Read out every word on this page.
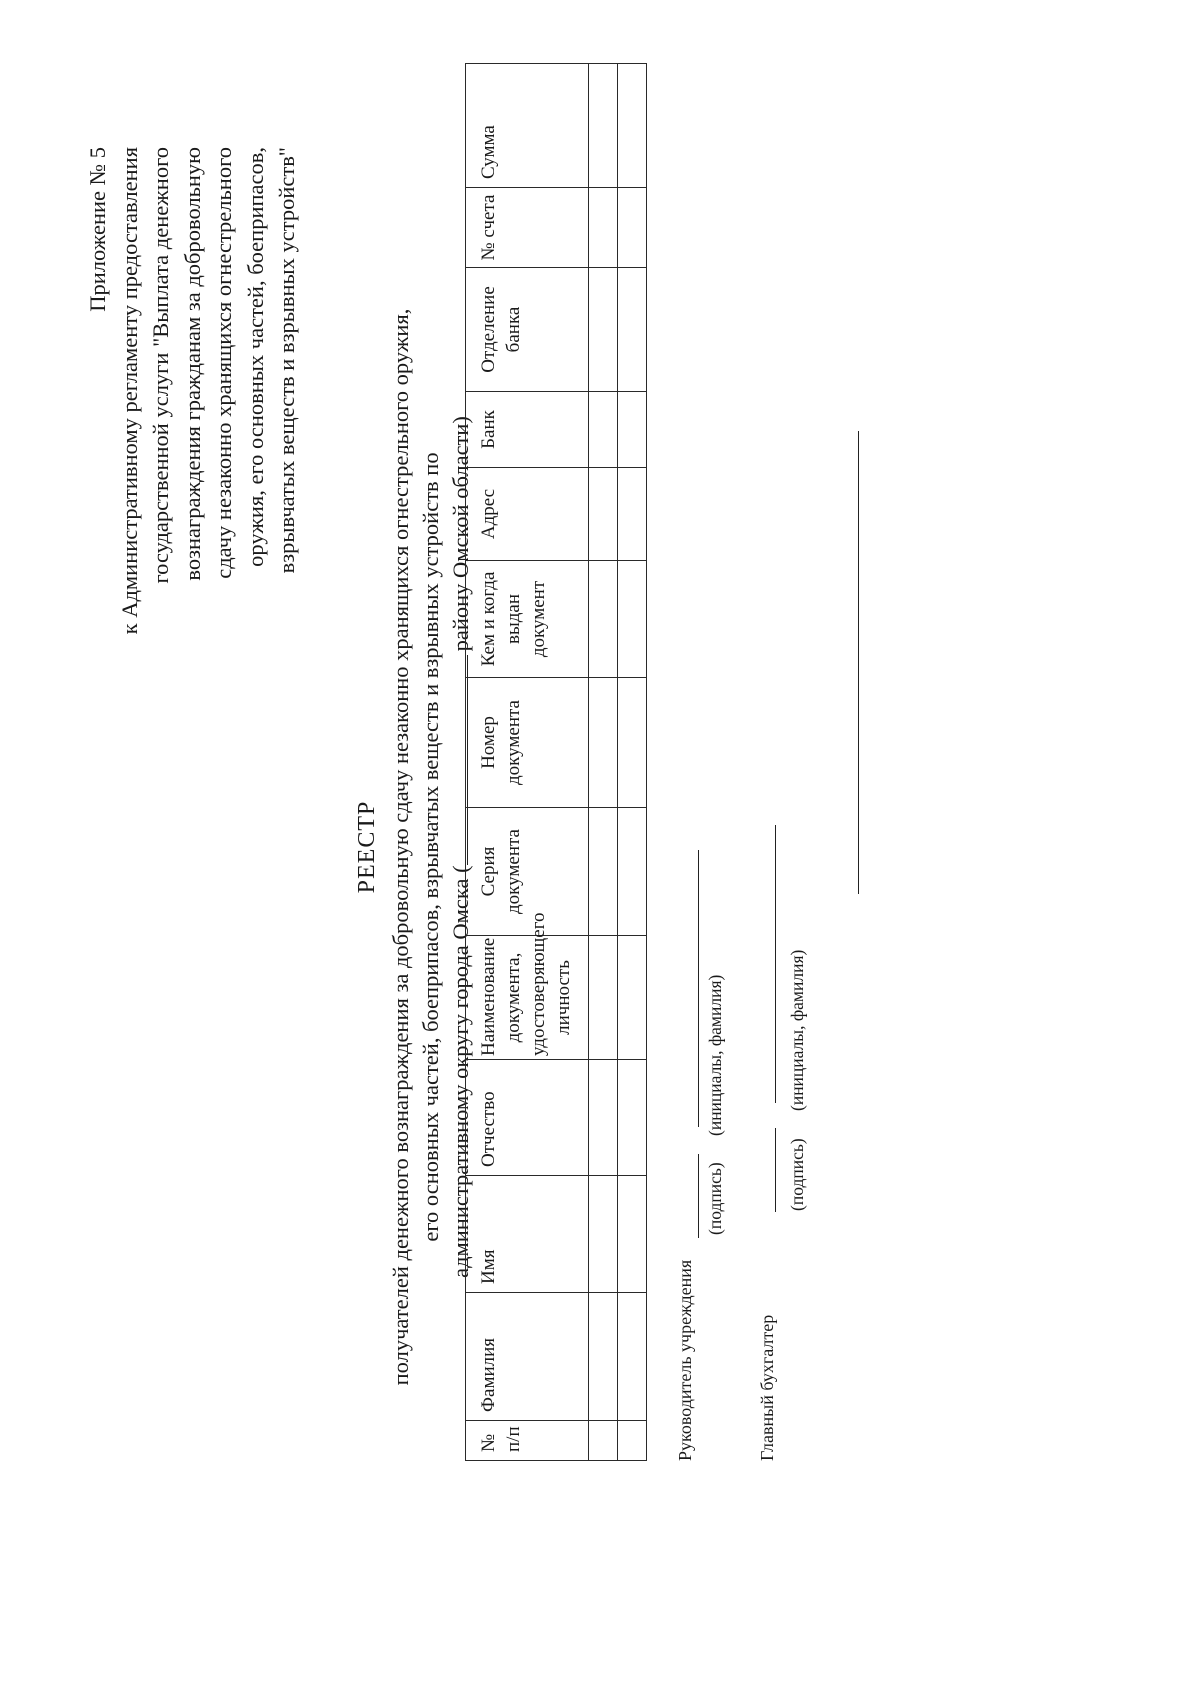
Приложение № 5 к Административному регламенту предоставления государственной услуги "Выплата денежного вознаграждения гражданам за добровольную сдачу незаконно хранящихся огнестрельного оружия, его основных частей, боеприпасов, взрывчатых веществ и взрывных устройств"
РЕЕСТР получателей денежного вознаграждения за добровольную сдачу незаконно хранящихся огнестрельного оружия, его основных частей, боеприпасов, взрывчатых веществ и взрывных устройств по административному округу города Омска (району Омской области)
№ п/п	Фамилия	Имя	Отчество	Наименование документа, удостоверяющего личность	Серия документа	Номер документа	Кем и когда выдан документ	Адрес	Банк	Отделение банка	№ счета	Сумма

Руководитель учреждения
(подпись)
(инициалы, фамилия)
Главный бухгалтер
(подпись)
(инициалы, фамилия)
